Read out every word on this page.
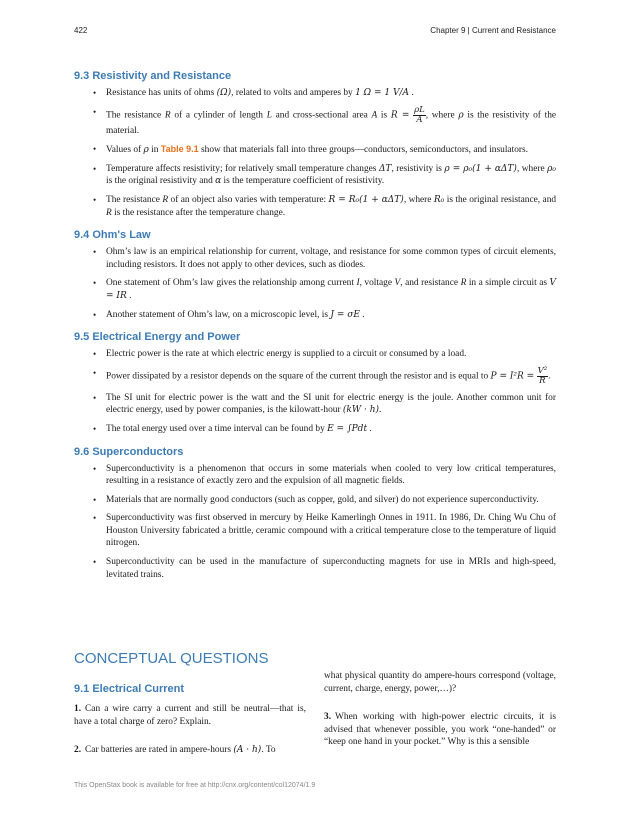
422	Chapter 9 | Current and Resistance
9.3 Resistivity and Resistance
• Resistance has units of ohms (Ω), related to volts and amperes by 1 Ω = 1 V/A .
• The resistance R of a cylinder of length L and cross-sectional area A is $R = \frac{\rho L}{A}$ , where ρ is the resistivity of the material.
• Values of ρ in Table 9.1 show that materials fall into three groups—conductors, semiconductors, and insulators.
• Temperature affects resistivity; for relatively small temperature changes ΔT, resistivity is ρ = ρ₀(1 + αΔT), where ρ₀ is the original resistivity and α is the temperature coefficient of resistivity.
• The resistance R of an object also varies with temperature: R = R₀(1 + αΔT), where R₀ is the original resistance, and R is the resistance after the temperature change.
9.4 Ohm's Law
• Ohm’s law is an empirical relationship for current, voltage, and resistance for some common types of circuit elements, including resistors. It does not apply to other devices, such as diodes.
• One statement of Ohm’s law gives the relationship among current I, voltage V, and resistance R in a simple circuit as V = IR .
• Another statement of Ohm’s law, on a microscopic level, is J = σE .
9.5 Electrical Energy and Power
• Electric power is the rate at which electric energy is supplied to a circuit or consumed by a load.
• Power dissipated by a resistor depends on the square of the current through the resistor and is equal to $P = I^2R = \frac{\text{V²}}{R}$ .
• The SI unit for electric power is the watt and the SI unit for electric energy is the joule. Another common unit for electric energy, used by power companies, is the kilowatt-hour (kW · h).
• The total energy used over a time interval can be found by E = ∫Pdt .
9.6 Superconductors
• Superconductivity is a phenomenon that occurs in some materials when cooled to very low critical temperatures, resulting in a resistance of exactly zero and the expulsion of all magnetic fields.
• Materials that are normally good conductors (such as copper, gold, and silver) do not experience superconductivity.
• Superconductivity was first observed in mercury by Heike Kamerlingh Onnes in 1911. In 1986, Dr. Ching Wu Chu of Houston University fabricated a brittle, ceramic compound with a critical temperature close to the temperature of liquid nitrogen.
• Superconductivity can be used in the manufacture of superconducting magnets for use in MRIs and high-speed, levitated trains.
CONCEPTUAL QUESTIONS
9.1 Electrical Current

1. Can a wire carry a current and still be neutral—that is, have a total charge of zero? Explain.

2. Car batteries are rated in ampere-hours (A · h). To

what physical quantity do ampere-hours correspond (voltage, current, charge, energy, power,…)?

3. When working with high-power electric circuits, it is advised that whenever possible, you work “one-handed” or “keep one hand in your pocket.” Why is this a sensible

This OpenStax book is available for free at http://cnx.org/content/col12074/1.9
